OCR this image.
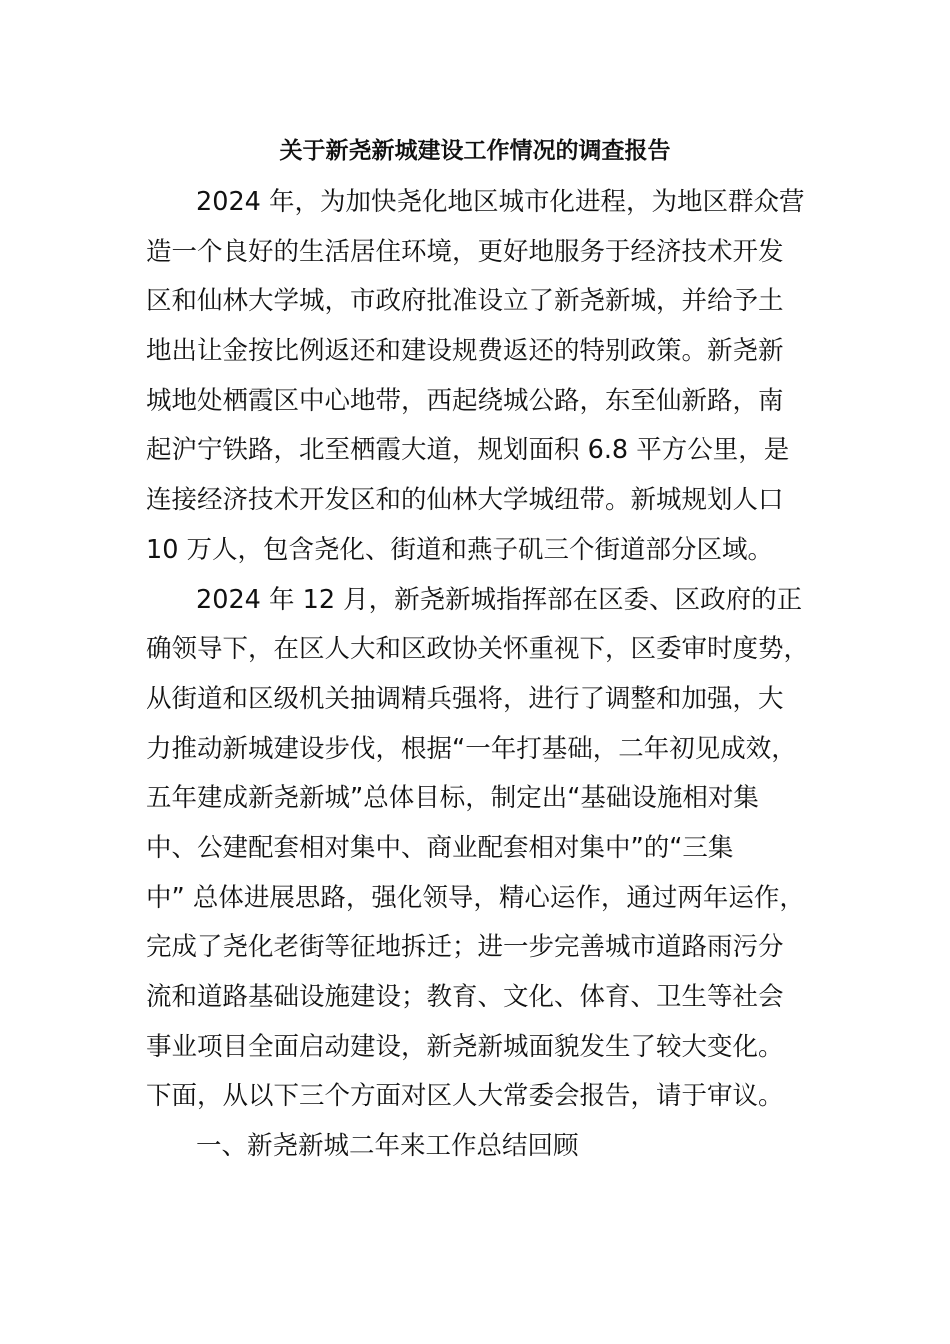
关于新尧新城建设工作情况的调查报告
2024 年，为加快尧化地区城市化进程，为地区群众营
造一个良好的生活居住环境，更好地服务于经济技术开发
区和仙林大学城，市政府批准设立了新尧新城，并给予土
地出让金按比例返还和建设规费返还的特别政策。新尧新
城地处栖霞区中心地带，西起绕城公路，东至仙新路，南
起沪宁铁路，北至栖霞大道，规划面积 6.8 平方公里，是
连接经济技术开发区和的仙林大学城纽带。新城规划人口
10 万人，包含尧化、街道和燕子矶三个街道部分区域。
2024 年 12 月，新尧新城指挥部在区委、区政府的正
确领导下，在区人大和区政协关怀重视下，区委审时度势，
从街道和区级机关抽调精兵强将，进行了调整和加强，大
力推动新城建设步伐，根据“一年打基础，二年初见成效，
五年建成新尧新城”总体目标，制定出“基础设施相对集
中、公建配套相对集中、商业配套相对集中”的“三集
中” 总体进展思路，强化领导，精心运作，通过两年运作，
完成了尧化老街等征地拆迁；进一步完善城市道路雨污分
流和道路基础设施建设；教育、文化、体育、卫生等社会
事业项目全面启动建设，新尧新城面貌发生了较大变化。
下面，从以下三个方面对区人大常委会报告，请于审议。
一、新尧新城二年来工作总结回顾
